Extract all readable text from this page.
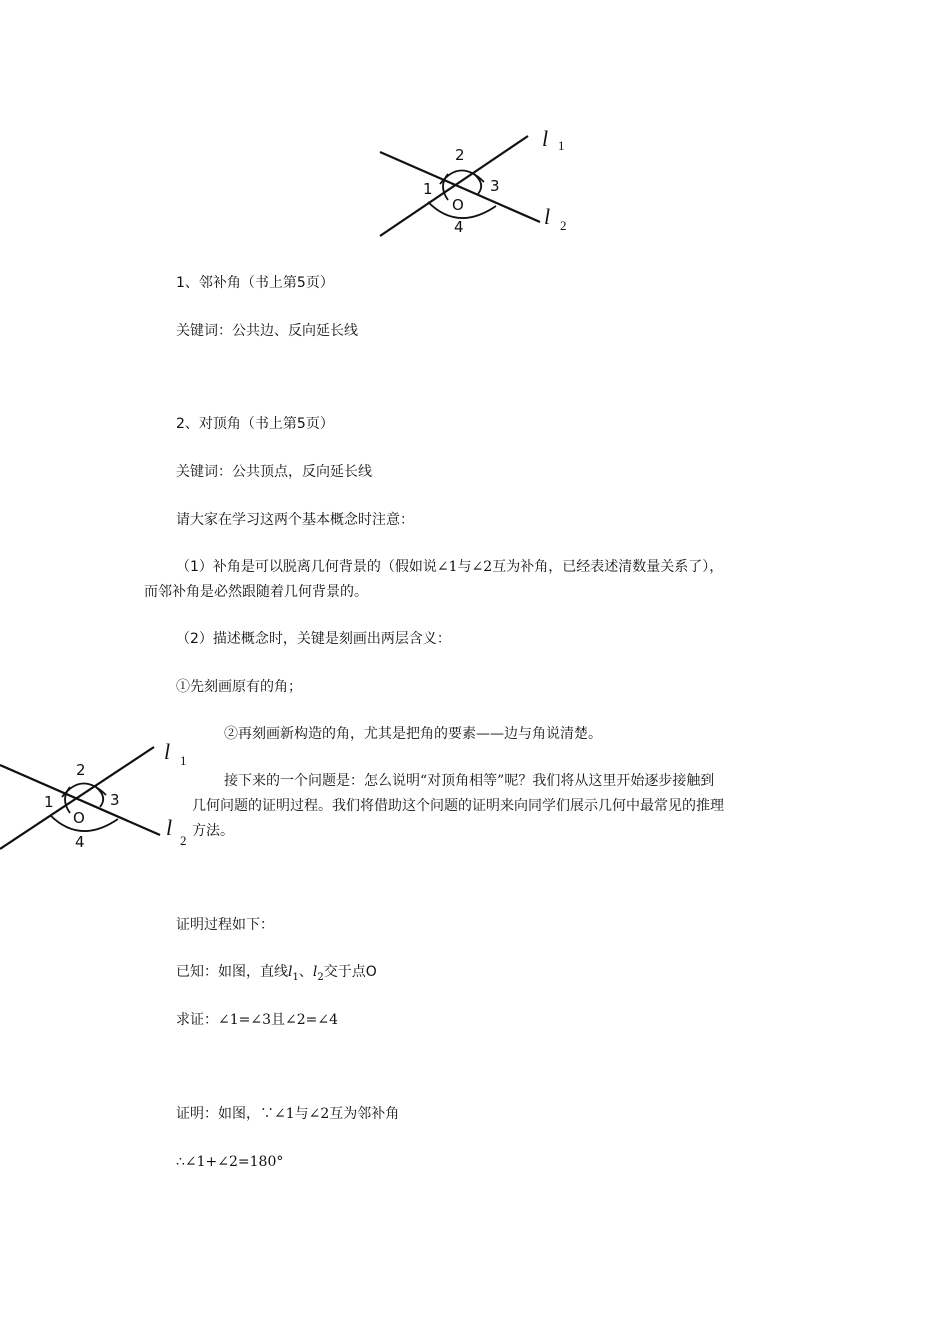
2
1	3
O
4
l 1
l 2
1、邻补角（书上第5页）
关键词：公共边、反向延长线
2、对顶角（书上第5页）
关键词：公共顶点，反向延长线
请大家在学习这两个基本概念时注意：
（1）补角是可以脱离几何背景的（假如说∠1与∠2互为补角，已经表述清数量关系了），
而邻补角是必然跟随着几何背景的。
（2）描述概念时，关键是刻画出两层含义：
①先刻画原有的角；
②再刻画新构造的角，尤其是把角的要素——边与角说清楚。
2
1	3
O
4
l 1
l
2
接下来的一个问题是：怎么说明“对顶角相等”呢？我们将从这里开始逐步接触到
几何问题的证明过程。我们将借助这个问题的证明来向同学们展示几何中最常见的推理
方法。
证明过程如下：
已知：如图，直线$l_1$、$l_2$交于点O
求证：∠1=∠3且∠2=∠4
证明：如图，∵∠1与∠2互为邻补角
∴∠1+∠2=180°
